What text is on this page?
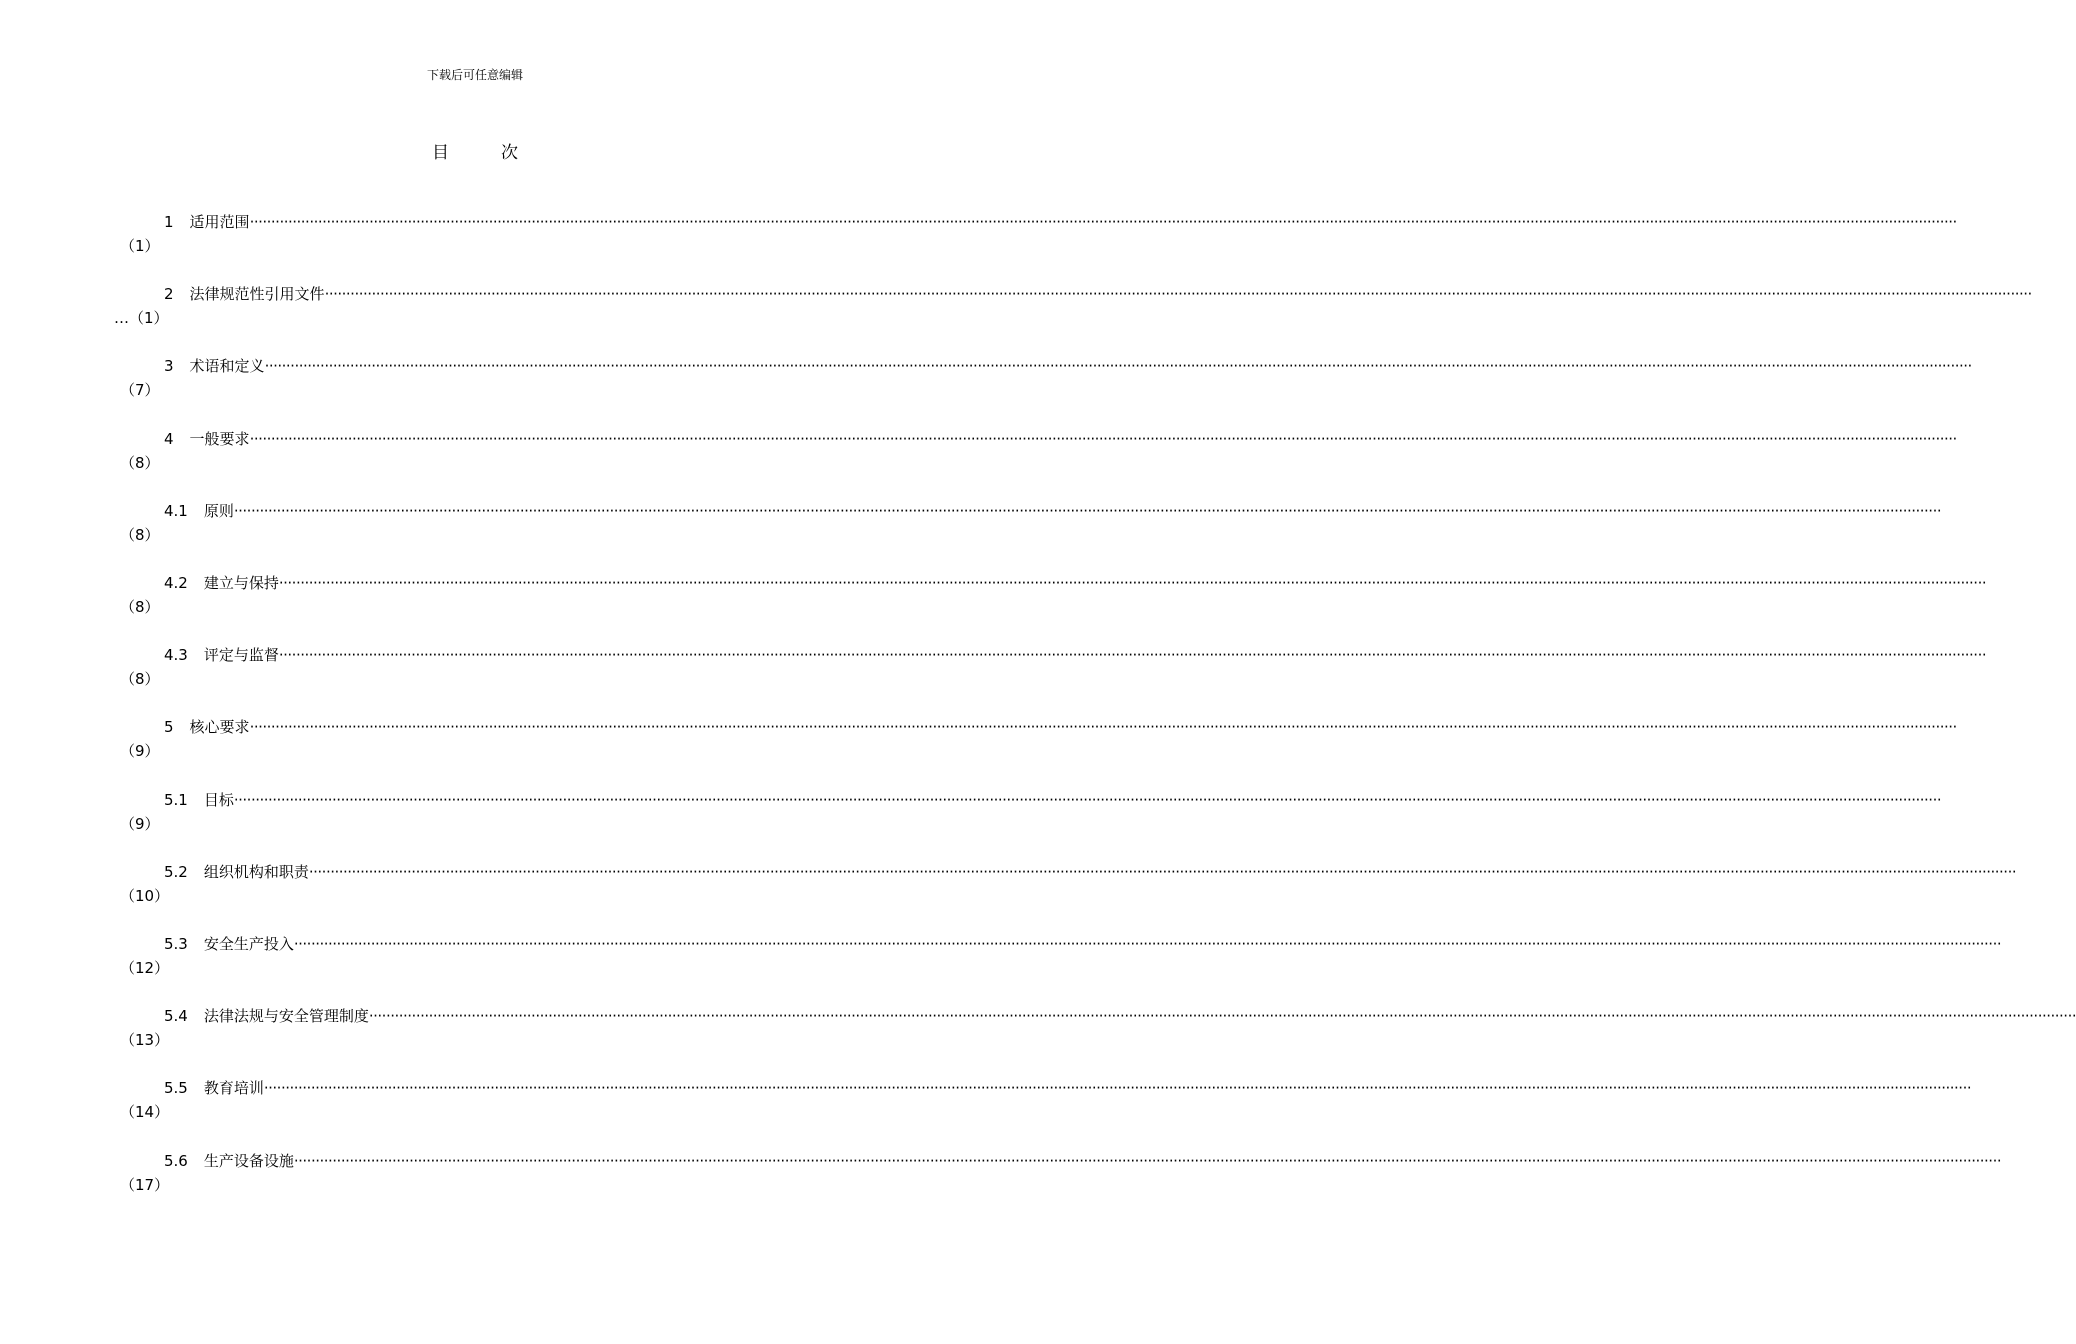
下载后可任意编辑
目	次
1 适用范围················································································································································································································································································································································································································
（1）
2 法律规范性引用文件················································································································································································································································································································································································································
…（1）
3 术语和定义················································································································································································································································································································································································································
（7）
4 一般要求················································································································································································································································································································································································································
（8）
4.1 原则················································································································································································································································································································································································································
（8）
4.2 建立与保持················································································································································································································································································································································································································
（8）
4.3 评定与监督················································································································································································································································································································································································································
（8）
5 核心要求················································································································································································································································································································································································································
（9）
5.1 目标················································································································································································································································································································································································································
（9）
5.2 组织机构和职责················································································································································································································································································································································································································
（10）
5.3 安全生产投入················································································································································································································································································································································································································
（12）
5.4 法律法规与安全管理制度················································································································································································································································································································································································································
（13）
5.5 教育培训················································································································································································································································································································································································································
（14）
5.6 生产设备设施················································································································································································································································································································································································································
（17）
